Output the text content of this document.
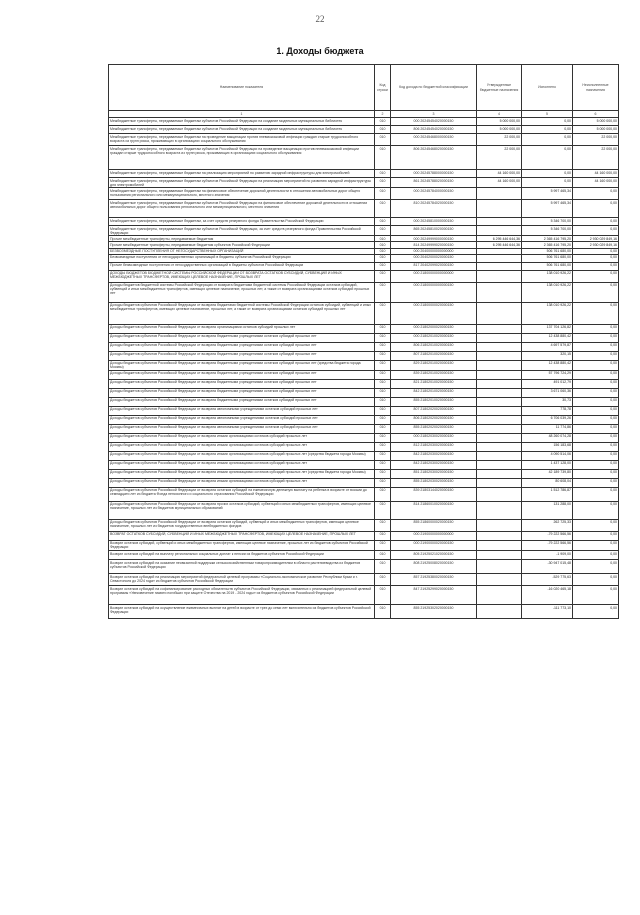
22
1. Доходы бюджета
Наименование показателя	Код строки	Код дохода по бюджетной классификации	Утвержденные бюджетные назначения	Исполнено	Неисполненные назначения
1	2	3	4	5	6
Межбюджетные трансферты, передаваемые бюджетам субъектов Российской Федерации на создание модельных муниципальных библиотек	010	000 20245454020000150	5 000 000,00	0,00	5 000 000,00
Межбюджетные трансферты, передаваемые бюджетам субъектов Российской Федерации на создание модельных муниципальных библиотек	010	806 20245454020000150	5 000 000,00	0,00	5 000 000,00
Межбюджетные трансферты, передаваемые бюджетам на проведение вакцинации против пневмококковой инфекции граждан старше трудоспособного возраста из групп риска, проживающих в организациях социального обслуживания	010	000 20245468000000150	22 000,00	0,00	22 000,00
Межбюджетные трансферты, передаваемые бюджетам субъектов Российской Федерации на проведение вакцинации против пневмококковой инфекции граждан старше трудоспособного возраста из групп риска, проживающих в организациях социального обслуживания	010	806 20245468020000150	22 000,00	0,00	22 000,00
Межбюджетные трансферты, передаваемые бюджетам на реализацию мероприятий по развитию зарядной инфраструктуры для электромобилей	010	000 20245788000000150	44 160 000,00	0,00	44 160 000,00
Межбюджетные трансферты, передаваемые бюджетам субъектов Российской Федерации на реализацию мероприятий по развитию зарядной инфраструктуры для электромобилей	010	861 20245788020000150	44 160 000,00	0,00	44 160 000,00
Межбюджетные трансферты, передаваемые бюджетам на финансовое обеспечение дорожной деятельности в отношении автомобильных дорог общего пользования регионального или межмуниципального, местного значения	010	000 20245784000000150		5 997 465,34	0,00
Межбюджетные трансферты, передаваемые бюджетам субъектов Российской Федерации на финансовое обеспечение дорожной деятельности в отношении автомобильных дорог общего пользования регионального или межмуниципального, местного значения	010	810 20245784020000150		5 997 465,34	0,00
Межбюджетные трансферты, передаваемые бюджетам, за счет средств резервного фонда Правительства Российской Федерации	010	000 20245810000000150		5 346 700,00	0,00
Межбюджетные трансферты, передаваемые бюджетам субъектов Российской Федерации, за счет средств резервного фонда Правительства Российской Федерации	010	865 20245810020000150		5 346 700,00	0,00
Прочие межбюджетные трансферты, передаваемые бюджетам	010	000 20249999000000150	6 295 446 644,36	2 365 416 795,20	2 930 029 849,16
Прочие межбюджетные трансферты, передаваемые бюджетам субъектов Российской Федерации	010	814 20249999020000150	6 295 446 644,36	2 365 416 795,20	2 930 029 849,16
БЕЗВОЗМЕЗДНЫЕ ПОСТУПЛЕНИЯ ОТ НЕГОСУДАРСТВЕННЫХ ОРГАНИЗАЦИЙ	010	000 20400000000000000		506 761 680,00	0,00
Безвозмездные поступления от негосударственных организаций в бюджеты субъектов Российской Федерации	010	000 20402000020000150		506 761 680,00	0,00
Прочие безвозмездные поступления от негосударственных организаций в бюджеты субъектов Российской Федерации	010	817 20402099020000150		506 761 680,00	0,00
ДОХОДЫ БЮДЖЕТОВ БЮДЖЕТНОЙ СИСТЕМЫ РОССИЙСКОЙ ФЕДЕРАЦИИ ОТ ВОЗВРАТА ОСТАТКОВ СУБСИДИЙ, СУБВЕНЦИЙ И ИНЫХ МЕЖБЮДЖЕТНЫХ ТРАНСФЕРТОВ, ИМЕЮЩИХ ЦЕЛЕВОЕ НАЗНАЧЕНИЕ, ПРОШЛЫХ ЛЕТ	010	000 21800000000000000		138 010 926,22	0,00
Доходы бюджетов бюджетной системы Российской Федерации от возврата бюджетами бюджетной системы Российской Федерации остатков субсидий, субвенций и иных межбюджетных трансфертов, имеющих целевое назначение, прошлых лет, а также от возврата организациями остатков субсидий прошлых лет	010	000 21800000000000150		138 010 926,22	0,00
Доходы бюджетов субъектов Российской Федерации от возврата бюджетами бюджетной системы Российской Федерации остатков субсидий, субвенций и иных межбюджетных трансфертов, имеющих целевое назначение, прошлых лет, а также от возврата организациями остатков субсидий прошлых лет	010	000 21800000020000150		138 010 926,22	0,00
Доходы бюджетов субъектов Российской Федерации от возврата организациями остатков субсидий прошлых лет	010	000 21802000020000150		137 704 126,82	0,00
Доходы бюджетов субъектов Российской Федерации от возврата бюджетными учреждениями остатков субсидий прошлых лет	010	000 21802010020000150		12 438 880,42	0,00
Доходы бюджетов субъектов Российской Федерации от возврата бюджетными учреждениями остатков субсидий прошлых лет	010	806 21802010020000150		4 697 579,87	0,00
Доходы бюджетов субъектов Российской Федерации от возврата бюджетными учреждениями остатков субсидий прошлых лет	010	807 21802010020000150		320,15	0,00
Доходы бюджетов субъектов Российской Федерации от возврата бюджетными учреждениями остатков субсидий прошлых лет (средства бюджета города Москвы)	010	829 21802010020000150		12 438 880,42	0,00
Доходы бюджетов субъектов Российской Федерации от возврата бюджетными учреждениями остатков субсидий прошлых лет	010	839 21802010020000150		57 796 724,29	0,00
Доходы бюджетов субъектов Российской Федерации от возврата бюджетными учреждениями остатков субсидий прошлых лет	010	821 21802010020000150		491 012,79	0,00
Доходы бюджетов субъектов Российской Федерации от возврата бюджетными учреждениями остатков субсидий прошлых лет	010	842 21802010020000150		3 671 060,36	0,00
Доходы бюджетов субъектов Российской Федерации от возврата бюджетными учреждениями остатков субсидий прошлых лет	010	855 21802010020000150		30,73	0,00
Доходы бюджетов субъектов Российской Федерации от возврата автономными учреждениями остатков субсидий прошлых лет	010	807 21802020020000150		778,78	0,00
Доходы бюджетов субъектов Российской Федерации от возврата автономными учреждениями остатков субсидий прошлых лет	010	806 21802020020000150		6 706 039,26	0,00
Доходы бюджетов субъектов Российской Федерации от возврата автономными учреждениями остатков субсидий прошлых лет	010	855 21802020020000150		11 774,86	0,00
Доходы бюджетов субъектов Российской Федерации от возврата иными организациями остатков субсидий прошлых лет	010	000 21802030020000150		48 260 074,28	0,00
Доходы бюджетов субъектов Российской Федерации от возврата иными организациями остатков субсидий прошлых лет	010	812 21802030020000150		156 183,68	0,00
Доходы бюджетов субъектов Российской Федерации от возврата иными организациями остатков субсидий прошлых лет (средства бюджета города Москвы)	010	842 21802030020000150		4 090 514,06	0,00
Доходы бюджетов субъектов Российской Федерации от возврата иными организациями остатков субсидий прошлых лет	010	842 21802030020000150		1 437 128,00	0,00
Доходы бюджетов субъектов Российской Федерации от возврата иными организациями остатков субсидий прошлых лет (средства бюджета города Москвы)	010	851 21802030020000150		42 189 739,80	0,00
Доходы бюджетов субъектов Российской Федерации от возврата иными организациями остатков субсидий прошлых лет	010	855 21802030020000150		80 608,04	0,00
Доходы бюджетов субъектов Российской Федерации от возврата остатков субсидий на ежемесячную денежную выплату на ребенка в возрасте от восьми до семнадцати лет из бюджета Фонда пенсионного и социального страхования Российской Федерации	010	839 21803144020000150		1 512 786,87	0,00
Доходы бюджетов субъектов Российской Федерации от возврата прочих остатков субсидий, субвенций и иных межбюджетных трансфертов, имеющих целевое назначение, прошлых лет из бюджетов муниципальных образований	010	814 21860010020000150		131 288,00	0,00
Доходы бюджетов субъектов Российской Федерации от возврата остатков субсидий, субвенций и иных межбюджетных трансфертов, имеющих целевое назначение, прошлых лет из бюджетов государственных внебюджетных фондов	010	855 21860000020000150		262 725,33	0,00
ВОЗВРАТ ОСТАТКОВ СУБСИДИЙ, СУБВЕНЦИЙ И ИНЫХ МЕЖБЮДЖЕТНЫХ ТРАНСФЕРТОВ, ИМЕЮЩИХ ЦЕЛЕВОЕ НАЗНАЧЕНИЕ, ПРОШЛЫХ ЛЕТ	010	000 21900000000000000		-79 222 566,56	0,00
Возврат остатков субсидий, субвенций и иных межбюджетных трансфертов, имеющих целевое назначение, прошлых лет из бюджетов субъектов Российской Федерации	010	000 21900000020000150		-79 222 566,56	0,00
Возврат остатков субсидий на выплату региональных социальных доплат к пенсии из бюджетов субъектов Российской Федерации	010	805 21925021020000150		-1 909,00	0,00
Возврат остатков субсидий на оказание несвязанной поддержки сельскохозяйственным товаропроизводителям в области растениеводства из бюджетов субъектов Российской Федерации	010	808 21925008020000150		-30 947 015,48	0,00
Возврат остатков субсидий на реализацию мероприятий федеральной целевой программы «Социально-экономическое развитие Республики Крым и г. Севастополя до 2024 года» из бюджетов субъектов Российской Федерации	010	857 21925380020000150		-529 775,63	0,00
Возврат остатков субсидий на софинансирование расходных обязательств субъектов Российской Федерации, связанных с реализацией федеральной целевой программы «Увековечение памяти погибших при защите Отечества на 2019 - 2024 годы» из бюджетов субъектов Российской Федерации	010	847 21925299020000150		-16 020 465,18	0,00
Возврат остатков субсидий на осуществление ежемесячных выплат на детей в возрасте от трех до семи лет включительно из бюджетов субъектов Российской Федерации	010	855 21925302020000150		-111 773,10	0,00
